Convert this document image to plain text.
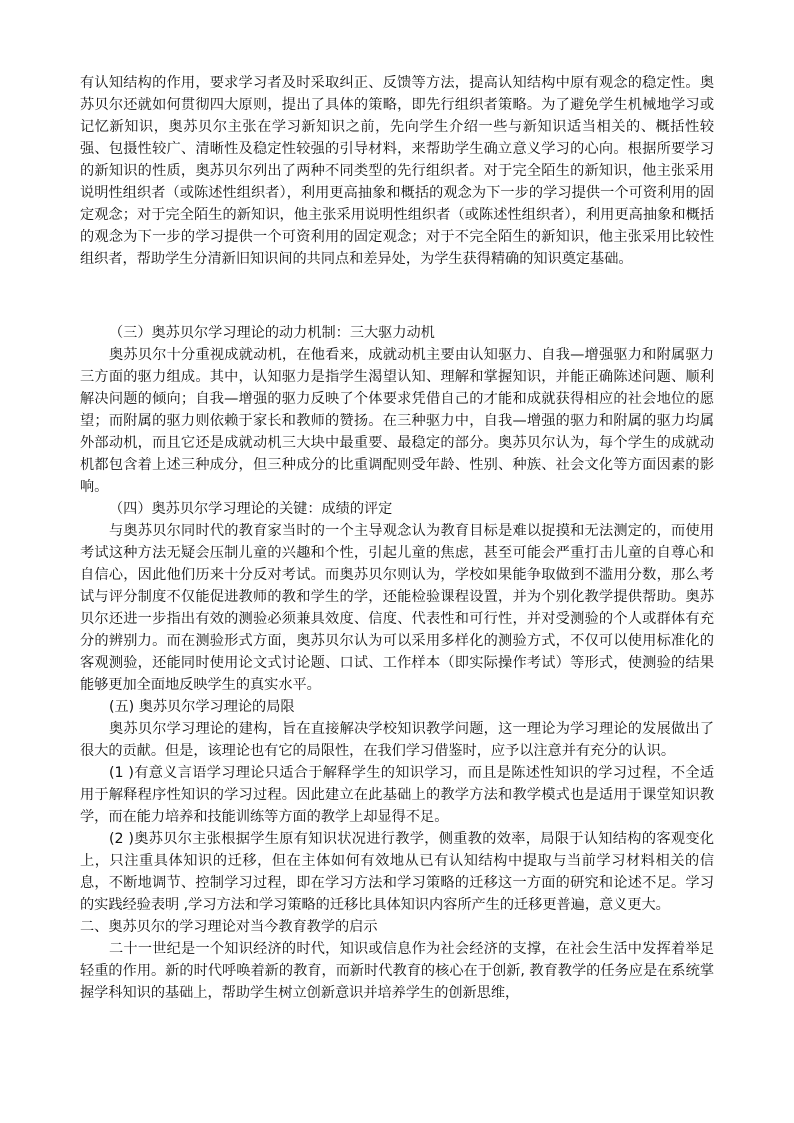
有认知结构的作用，要求学习者及时采取纠正、反馈等方法，提高认知结构中原有观念的稳定性。奥苏贝尔还就如何贯彻四大原则，提出了具体的策略，即先行组织者策略。为了避免学生机械地学习或记忆新知识，奥苏贝尔主张在学习新知识之前，先向学生介绍一些与新知识适当相关的、概括性较强、包摄性较广、清晰性及稳定性较强的引导材料，来帮助学生确立意义学习的心向。根据所要学习的新知识的性质，奥苏贝尔列出了两种不同类型的先行组织者。对于完全陌生的新知识，他主张采用说明性组织者（或陈述性组织者），利用更高抽象和概括的观念为下一步的学习提供一个可资利用的固定观念；对于完全陌生的新知识，他主张采用说明性组织者（或陈述性组织者），利用更高抽象和概括的观念为下一步的学习提供一个可资利用的固定观念；对于不完全陌生的新知识，他主张采用比较性组织者，帮助学生分清新旧知识间的共同点和差异处，为学生获得精确的知识奠定基础。

（三）奥苏贝尔学习理论的动力机制：三大驱力动机

奥苏贝尔十分重视成就动机，在他看来，成就动机主要由认知驱力、自我—增强驱力和附属驱力三方面的驱力组成。其中，认知驱力是指学生渴望认知、理解和掌握知识，并能正确陈述问题、顺利解决问题的倾向；自我—增强的驱力反映了个体要求凭借自己的才能和成就获得相应的社会地位的愿望；而附属的驱力则依赖于家长和教师的赞扬。在三种驱力中，自我—增强的驱力和附属的驱力均属外部动机，而且它还是成就动机三大块中最重要、最稳定的部分。奥苏贝尔认为，每个学生的成就动机都包含着上述三种成分，但三种成分的比重调配则受年龄、性别、种族、社会文化等方面因素的影响。

（四）奥苏贝尔学习理论的关键：成绩的评定

与奥苏贝尔同时代的教育家当时的一个主导观念认为教育目标是难以捉摸和无法测定的，而使用考试这种方法无疑会压制儿童的兴趣和个性，引起儿童的焦虑，甚至可能会严重打击儿童的自尊心和自信心，因此他们历来十分反对考试。而奥苏贝尔则认为，学校如果能争取做到不滥用分数，那么考试与评分制度不仅能促进教师的教和学生的学，还能检验课程设置，并为个别化教学提供帮助。奥苏贝尔还进一步指出有效的测验必须兼具效度、信度、代表性和可行性，并对受测验的个人或群体有充分的辨别力。而在测验形式方面，奥苏贝尔认为可以采用多样化的测验方式，不仅可以使用标准化的客观测验，还能同时使用论文式讨论题、口试、工作样本（即实际操作考试）等形式，使测验的结果能够更加全面地反映学生的真实水平。

(五) 奥苏贝尔学习理论的局限

奥苏贝尔学习理论的建构，旨在直接解决学校知识教学问题，这一理论为学习理论的发展做出了很大的贡献。但是，该理论也有它的局限性，在我们学习借鉴时，应予以注意并有充分的认识。

(1 )有意义言语学习理论只适合于解释学生的知识学习，而且是陈述性知识的学习过程，不全适用于解释程序性知识的学习过程。因此建立在此基础上的教学方法和教学模式也是适用于课堂知识教学，而在能力培养和技能训练等方面的教学上却显得不足。

(2 )奥苏贝尔主张根据学生原有知识状况进行教学，侧重教的效率，局限于认知结构的客观变化上，只注重具体知识的迁移，但在主体如何有效地从已有认知结构中提取与当前学习材料相关的信息，不断地调节、控制学习过程，即在学习方法和学习策略的迁移这一方面的研究和论述不足。学习的实践经验表明 ,学习方法和学习策略的迁移比具体知识内容所产生的迁移更普遍，意义更大。

二、奥苏贝尔的学习理论对当今教育教学的启示

二十一世纪是一个知识经济的时代，知识或信息作为社会经济的支撑，在社会生活中发挥着举足轻重的作用。新的时代呼唤着新的教育，而新时代教育的核心在于创新, 教育教学的任务应是在系统掌握学科知识的基础上，帮助学生树立创新意识并培养学生的创新思维，
